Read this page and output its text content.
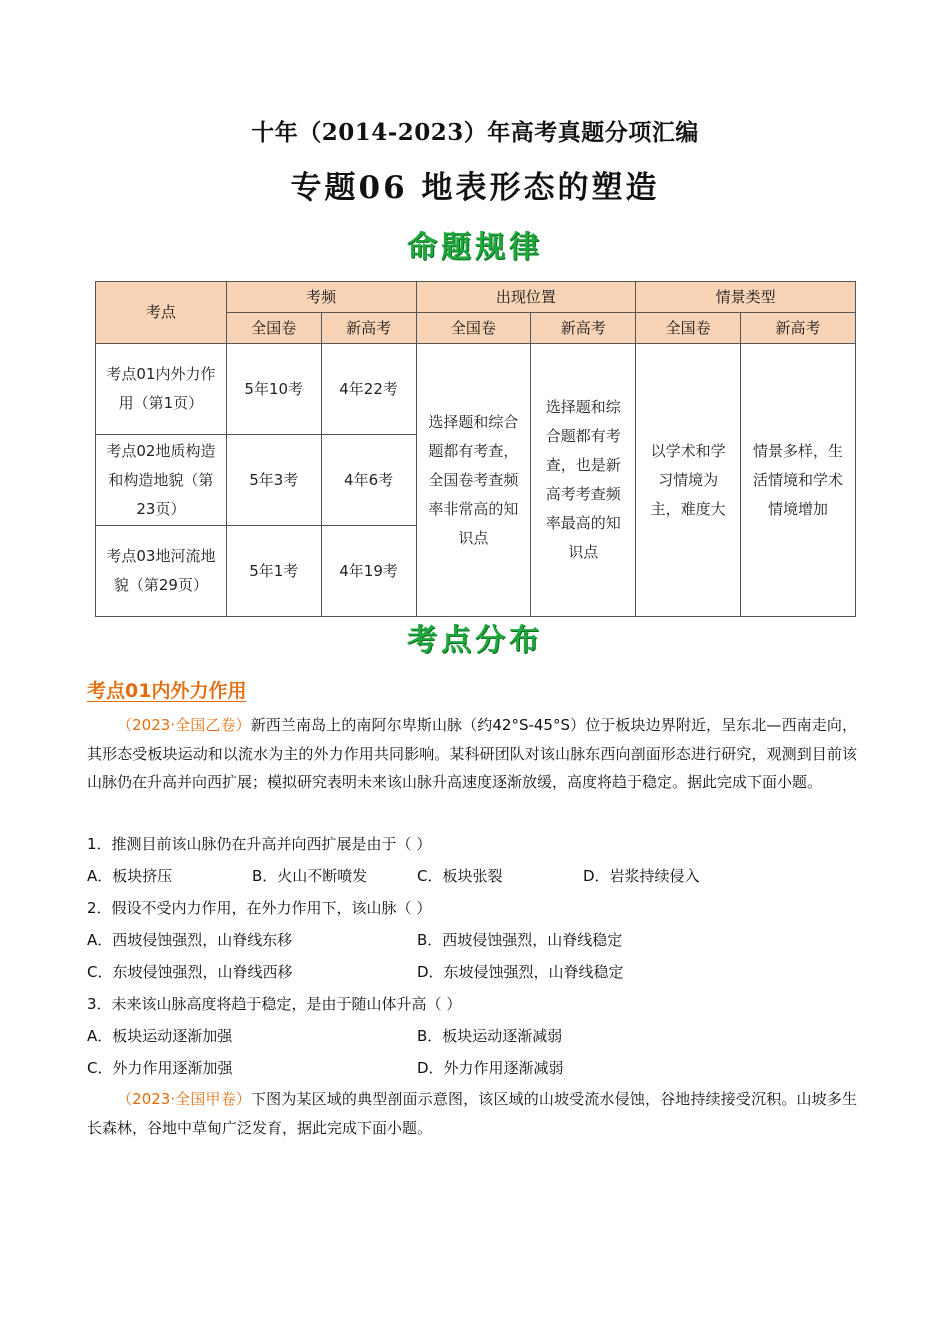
十年（2014-2023）年高考真题分项汇编
专题06 地表形态的塑造
命题规律
考点	考频		出现位置		情景类型	
	全国卷	新高考	全国卷	新高考	全国卷	新高考
考点01内外力作用（第1页）	5年10考	4年22考	选择题和综合题都有考查，全国卷考查频率非常高的知识点	选择题和综合题都有考查，也是新高考考查频率最高的知识点	以学术和学习情境为主，难度大	情景多样，生活情境和学术情境增加
考点02地质构造和构造地貌（第23页）	5年3考	4年6考				
考点03地河流地貌（第29页）	5年1考	4年19考				
考点分布
考点01内外力作用

（2023·全国乙卷）新西兰南岛上的南阿尔卑斯山脉（约42°S-45°S）位于板块边界附近，呈东北—西南走向，其形态受板块运动和以流水为主的外力作用共同影响。某科研团队对该山脉东西向剖面形态进行研究，观测到目前该山脉仍在升高并向西扩展；模拟研究表明未来该山脉升高速度逐渐放缓，高度将趋于稳定。据此完成下面小题。

1．推测目前该山脉仍在升高并向西扩展是由于（ ）
A．板块挤压	B．火山不断喷发	C．板块张裂	D．岩浆持续侵入
2．假设不受内力作用，在外力作用下，该山脉（ ）
A．西坡侵蚀强烈，山脊线东移	B．西坡侵蚀强烈，山脊线稳定
C．东坡侵蚀强烈，山脊线西移	D．东坡侵蚀强烈，山脊线稳定
3．未来该山脉高度将趋于稳定，是由于随山体升高（ ）
A．板块运动逐渐加强	B．板块运动逐渐减弱
C．外力作用逐渐加强	D．外力作用逐渐减弱

（2023·全国甲卷）下图为某区域的典型剖面示意图，该区域的山坡受流水侵蚀，谷地持续接受沉积。山坡多生长森林，谷地中草甸广泛发育，据此完成下面小题。
